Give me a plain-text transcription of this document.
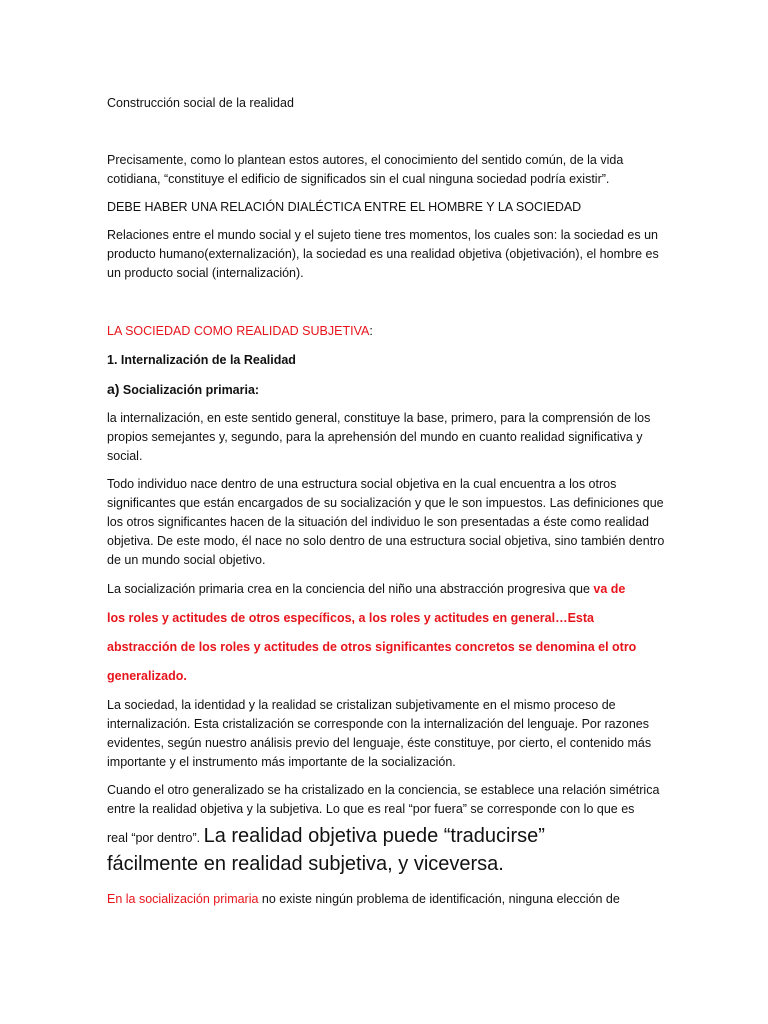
Construcción social de la realidad
Precisamente, como lo plantean estos autores, el conocimiento del sentido común, de la vida cotidiana, “constituye el edificio de significados sin el cual ninguna sociedad podría existir”.
DEBE HABER UNA RELACIÓN DIALÉCTICA ENTRE EL HOMBRE Y LA SOCIEDAD
Relaciones entre el mundo social y el sujeto tiene tres momentos, los cuales son: la sociedad es un producto humano(externalización), la sociedad es una realidad objetiva (objetivación), el hombre es un producto social (internalización).
LA SOCIEDAD COMO REALIDAD SUBJETIVA:
1. Internalización de la Realidad
a) Socialización primaria:
la internalización, en este sentido general, constituye la base, primero, para la comprensión de los propios semejantes y, segundo, para la aprehensión del mundo en cuanto realidad significativa y social.
Todo individuo nace dentro de una estructura social objetiva en la cual encuentra a los otros significantes que están encargados de su socialización y que le son impuestos. Las definiciones que los otros significantes hacen de la situación del individuo le son presentadas a éste como realidad objetiva. De este modo, él nace no solo dentro de una estructura social objetiva, sino también dentro de un mundo social objetivo.
La socialización primaria crea en la conciencia del niño una abstracción progresiva que va de
los roles y actitudes de otros específicos, a los roles y actitudes en general…Esta
abstracción de los roles y actitudes de otros significantes concretos se denomina el otro
generalizado.
La sociedad, la identidad y la realidad se cristalizan subjetivamente en el mismo proceso de internalización. Esta cristalización se corresponde con la internalización del lenguaje. Por razones evidentes, según nuestro análisis previo del lenguaje, éste constituye, por cierto, el contenido más importante y el instrumento más importante de la socialización.
Cuando el otro generalizado se ha cristalizado en la conciencia, se establece una relación simétrica
entre la realidad objetiva y la subjetiva. Lo que es real “por fuera” se corresponde con lo que es
real “por dentro”. La realidad objetiva puede “traducirse”
fácilmente en realidad subjetiva, y viceversa.
En la socialización primaria no existe ningún problema de identificación, ninguna elección de
